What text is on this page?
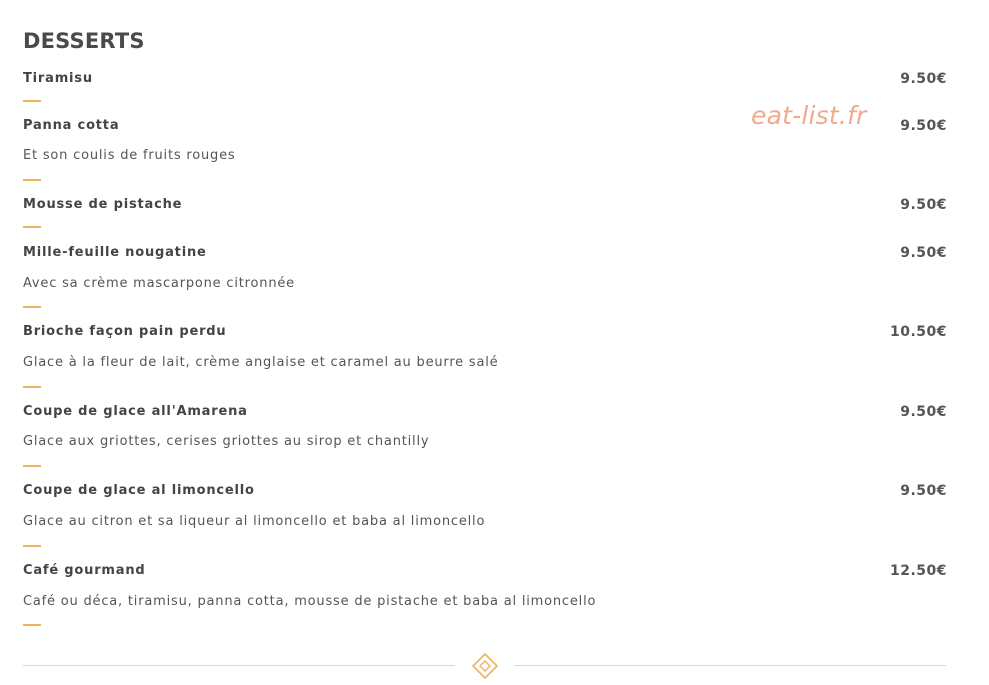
DESSERTS
Tiramisu	9.50€
Panna cotta	9.50€
Et son coulis de fruits rouges
Mousse de pistache	9.50€
Mille-feuille nougatine	9.50€
Avec sa crème mascarpone citronnée
Brioche façon pain perdu	10.50€
Glace à la fleur de lait, crème anglaise et caramel au beurre salé
Coupe de glace all'Amarena	9.50€
Glace aux griottes, cerises griottes au sirop et chantilly
Coupe de glace al limoncello	9.50€
Glace au citron et sa liqueur al limoncello et baba al limoncello
Café gourmand	12.50€
Café ou déca, tiramisu, panna cotta, mousse de pistache et baba al limoncello
eat-list.fr
